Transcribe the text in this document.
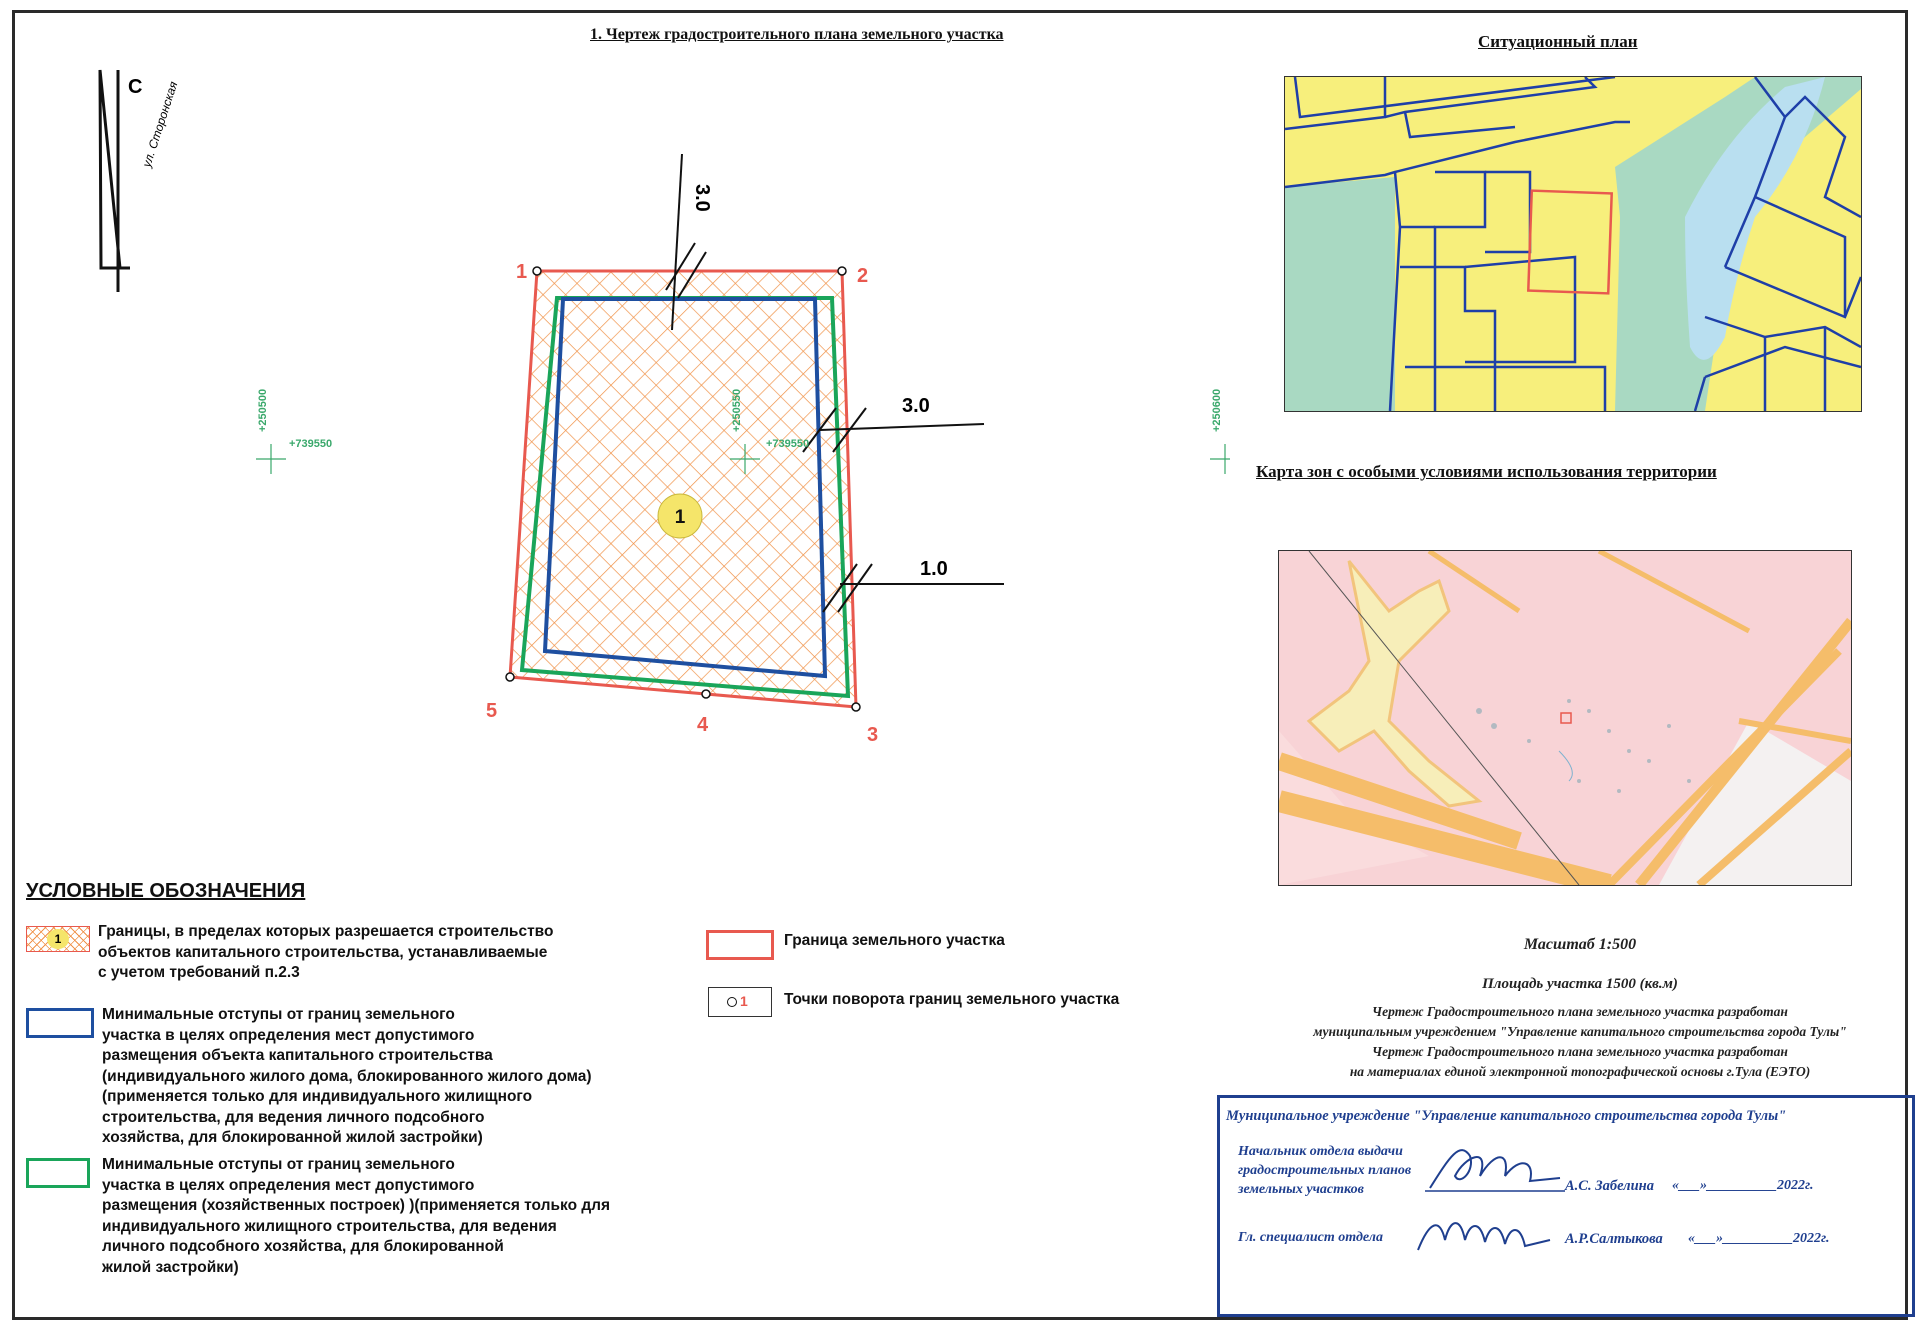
1. Чертеж градостроительного плана земельного участка
С
ул. Сторонская
3.0
3.0
1.0
1	2
3
4
5
1
+250500
+739550
+250550
+739550
+250600
Ситуационный план
Карта зон с особыми условиями использования территории
УСЛОВНЫЕ ОБОЗНАЧЕНИЯ
1	Границы, в пределах которых разрешается строительство
объектов капитального строительства, устанавливаемые
с учетом требований п.2.3
Минимальные отступы от границ земельного
участка в целях определения мест допустимого
размещения объекта капитального строительства
(индивидуального жилого дома, блокированного жилого дома)
(применяется только для индивидуального жилищного
строительства, для ведения личного подсобного
хозяйства, для блокированной жилой застройки)
Минимальные отступы от границ земельного
участка в целях определения мест допустимого
размещения (хозяйственных построек) )(применяется только для
индивидуального жилищного строительства, для ведения
личного подсобного хозяйства, для блокированной
жилой застройки)
Граница земельного участка
1 Точки поворота границ земельного участка
Масштаб 1:500
Площадь участка 1500 (кв.м)
Чертеж Градостроительного плана земельного участка разработан
муниципальным учреждением "Управление капитального строительства города Тулы"
Чертеж Градостроительного плана земельного участка разработан
на материалах единой электронной топографической основы г.Тула (ЕЭТО)
Муниципальное учреждение "Управление капитального строительства города Тулы"
Начальник отдела выдачи
градостроительных планов
земельных участков	А.С. Забелина «___»__________2022г.
Гл. специалист отдела	А.Р.Салтыкова «___»__________2022г.
